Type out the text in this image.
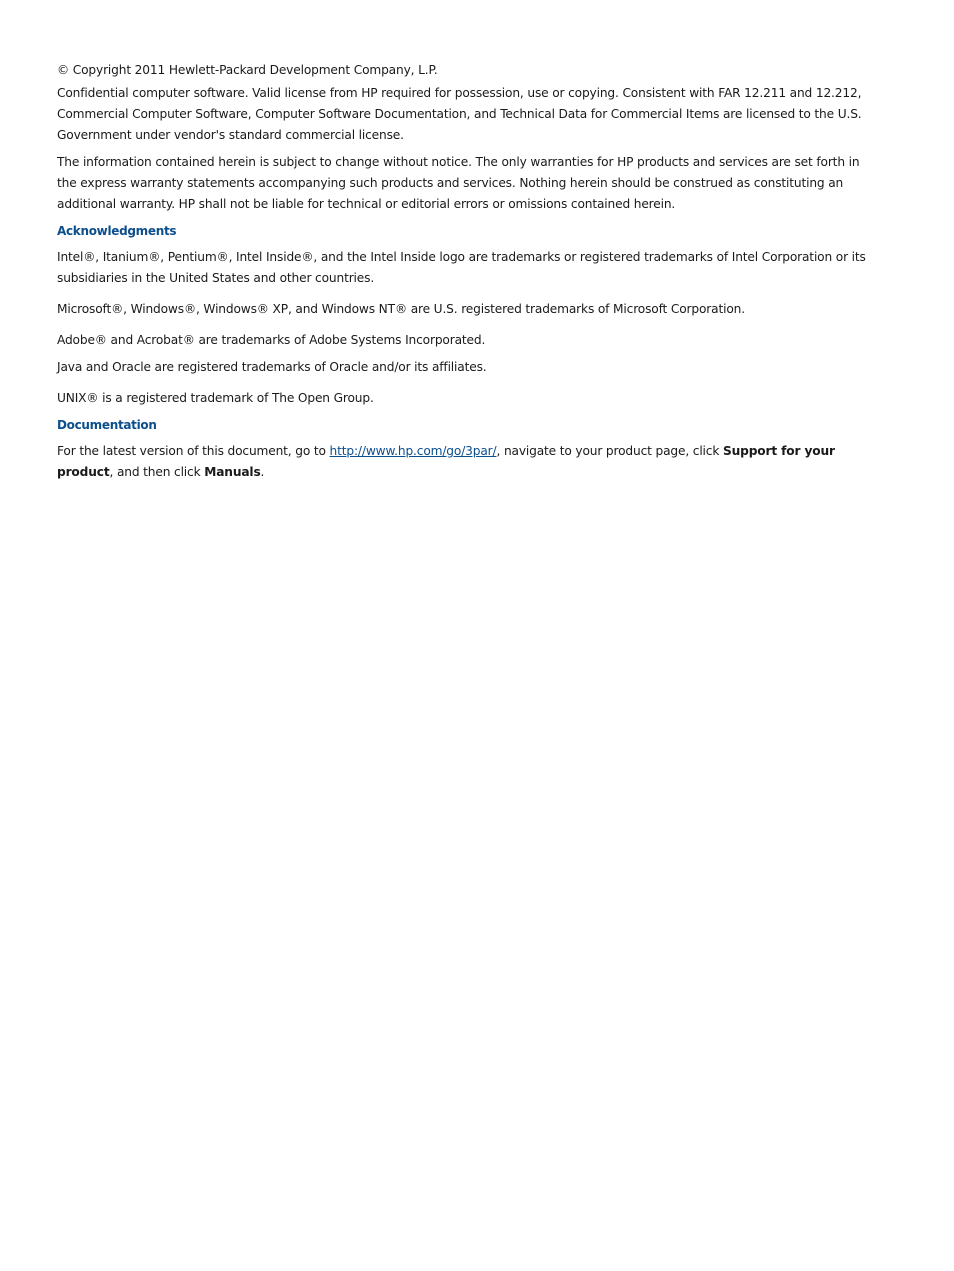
© Copyright 2011 Hewlett-Packard Development Company, L.P.

Confidential computer software. Valid license from HP required for possession, use or copying. Consistent with FAR 12.211 and 12.212, Commercial Computer Software, Computer Software Documentation, and Technical Data for Commercial Items are licensed to the U.S. Government under vendor's standard commercial license.

The information contained herein is subject to change without notice. The only warranties for HP products and services are set forth in the express warranty statements accompanying such products and services. Nothing herein should be construed as constituting an additional warranty. HP shall not be liable for technical or editorial errors or omissions contained herein.

Acknowledgments

Intel®, Itanium®, Pentium®, Intel Inside®, and the Intel Inside logo are trademarks or registered trademarks of Intel Corporation or its subsidiaries in the United States and other countries.

Microsoft®, Windows®, Windows® XP, and Windows NT® are U.S. registered trademarks of Microsoft Corporation.

Adobe® and Acrobat® are trademarks of Adobe Systems Incorporated.

Java and Oracle are registered trademarks of Oracle and/or its affiliates.

UNIX® is a registered trademark of The Open Group.

Documentation

For the latest version of this document, go to http://www.hp.com/go/3par/, navigate to your product page, click Support for your product, and then click Manuals.
